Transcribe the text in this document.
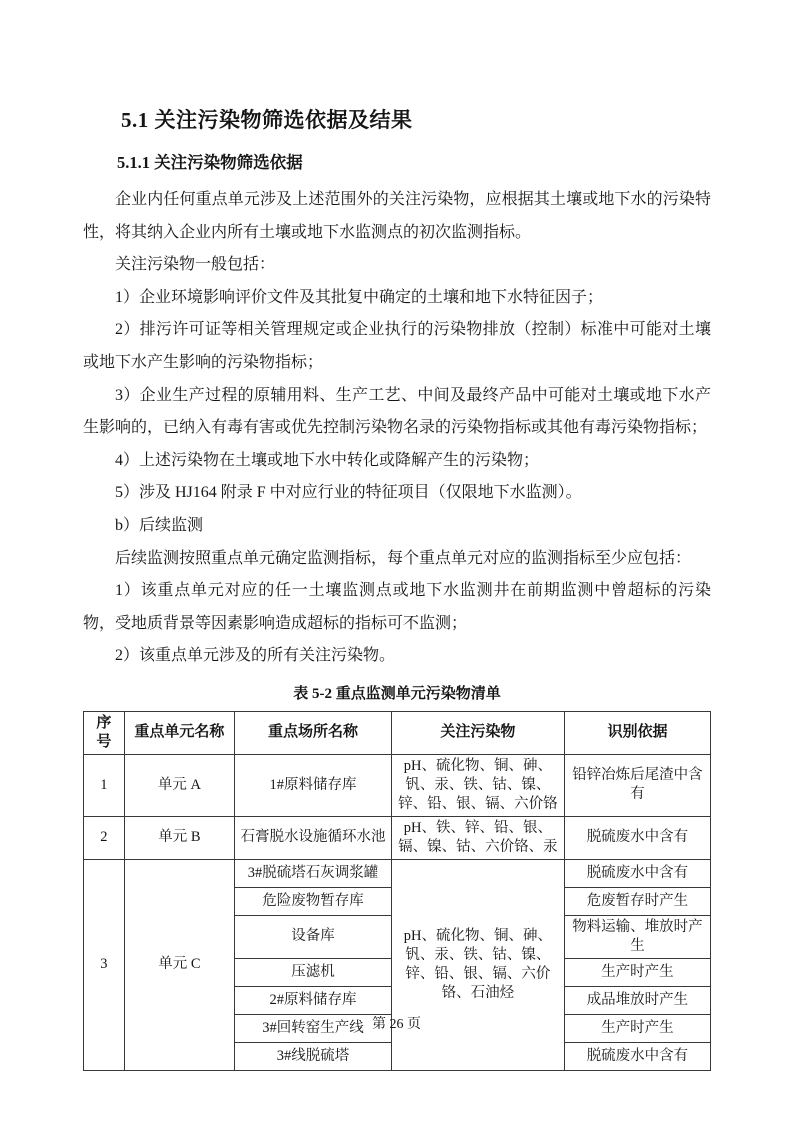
5.1 关注污染物筛选依据及结果
5.1.1 关注污染物筛选依据

企业内任何重点单元涉及上述范围外的关注污染物，应根据其土壤或地下水的污染特性，将其纳入企业内所有土壤或地下水监测点的初次监测指标。

关注污染物一般包括：

1）企业环境影响评价文件及其批复中确定的土壤和地下水特征因子；

2）排污许可证等相关管理规定或企业执行的污染物排放（控制）标准中可能对土壤或地下水产生影响的污染物指标；

3）企业生产过程的原辅用料、生产工艺、中间及最终产品中可能对土壤或地下水产生影响的，已纳入有毒有害或优先控制污染物名录的污染物指标或其他有毒污染物指标；

4）上述污染物在土壤或地下水中转化或降解产生的污染物；

5）涉及 HJ164 附录 F 中对应行业的特征项目（仅限地下水监测）。

b）后续监测

后续监测按照重点单元确定监测指标，每个重点单元对应的监测指标至少应包括：

1）该重点单元对应的任一土壤监测点或地下水监测井在前期监测中曾超标的污染物，受地质背景等因素影响造成超标的指标可不监测；

2）该重点单元涉及的所有关注污染物。

表 5-2 重点监测单元污染物清单
序号	重点单元名称	重点场所名称	关注污染物	识别依据
1	单元 A	1#原料储存库	pH、硫化物、铜、砷、钒、汞、铁、钴、镍、锌、铅、银、镉、六价铬	铅锌冶炼后尾渣中含有
2	单元 B	石膏脱水设施循环水池	pH、铁、锌、铅、银、镉、镍、钴、六价铬、汞	脱硫废水中含有
3	单元 C	3#脱硫塔石灰调浆罐	pH、硫化物、铜、砷、钒、汞、铁、钴、镍、锌、铅、银、镉、六价铬、石油烃	脱硫废水中含有
		危险废物暂存库		危废暂存时产生
		设备库		物料运输、堆放时产生
		压滤机		生产时产生
		2#原料储存库		成品堆放时产生
		3#回转窑生产线		生产时产生
		3#线脱硫塔		脱硫废水中含有
第 26 页
